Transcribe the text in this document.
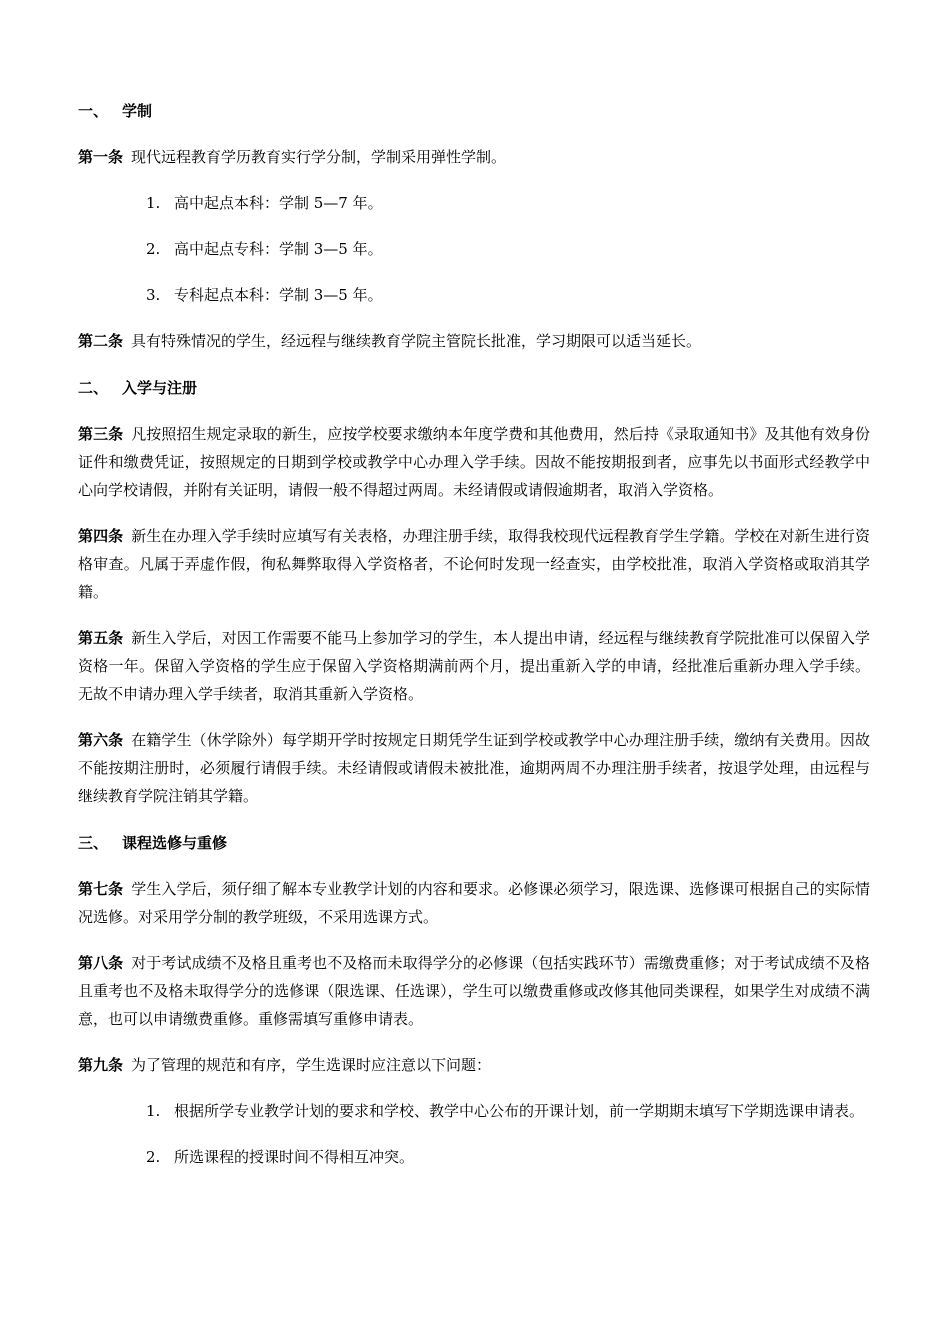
一、 学制

第一条 现代远程教育学历教育实行学分制，学制采用弹性学制。

1. 高中起点本科：学制 5—7 年。
2. 高中起点专科：学制 3—5 年。
3. 专科起点本科：学制 3—5 年。

第二条 具有特殊情况的学生，经远程与继续教育学院主管院长批准，学习期限可以适当延长。

二、 入学与注册

第三条 凡按照招生规定录取的新生，应按学校要求缴纳本年度学费和其他费用，然后持《录取通知书》及其他有效身份证件和缴费凭证，按照规定的日期到学校或教学中心办理入学手续。因故不能按期报到者，应事先以书面形式经教学中心向学校请假，并附有关证明，请假一般不得超过两周。未经请假或请假逾期者，取消入学资格。

第四条 新生在办理入学手续时应填写有关表格，办理注册手续，取得我校现代远程教育学生学籍。学校在对新生进行资格审查。凡属于弄虚作假，徇私舞弊取得入学资格者，不论何时发现一经查实，由学校批准，取消入学资格或取消其学籍。

第五条 新生入学后，对因工作需要不能马上参加学习的学生，本人提出申请，经远程与继续教育学院批准可以保留入学资格一年。保留入学资格的学生应于保留入学资格期满前两个月，提出重新入学的申请，经批准后重新办理入学手续。无故不申请办理入学手续者，取消其重新入学资格。

第六条 在籍学生（休学除外）每学期开学时按规定日期凭学生证到学校或教学中心办理注册手续，缴纳有关费用。因故不能按期注册时，必须履行请假手续。未经请假或请假未被批准，逾期两周不办理注册手续者，按退学处理，由远程与继续教育学院注销其学籍。

三、 课程选修与重修

第七条 学生入学后，须仔细了解本专业教学计划的内容和要求。必修课必须学习，限选课、选修课可根据自己的实际情况选修。对采用学分制的教学班级，不采用选课方式。

第八条 对于考试成绩不及格且重考也不及格而未取得学分的必修课（包括实践环节）需缴费重修；对于考试成绩不及格且重考也不及格未取得学分的选修课（限选课、任选课），学生可以缴费重修或改修其他同类课程，如果学生对成绩不满意，也可以申请缴费重修。重修需填写重修申请表。

第九条 为了管理的规范和有序，学生选课时应注意以下问题：

1. 根据所学专业教学计划的要求和学校、教学中心公布的开课计划，前一学期期末填写下学期选课申请表。
2. 所选课程的授课时间不得相互冲突。
